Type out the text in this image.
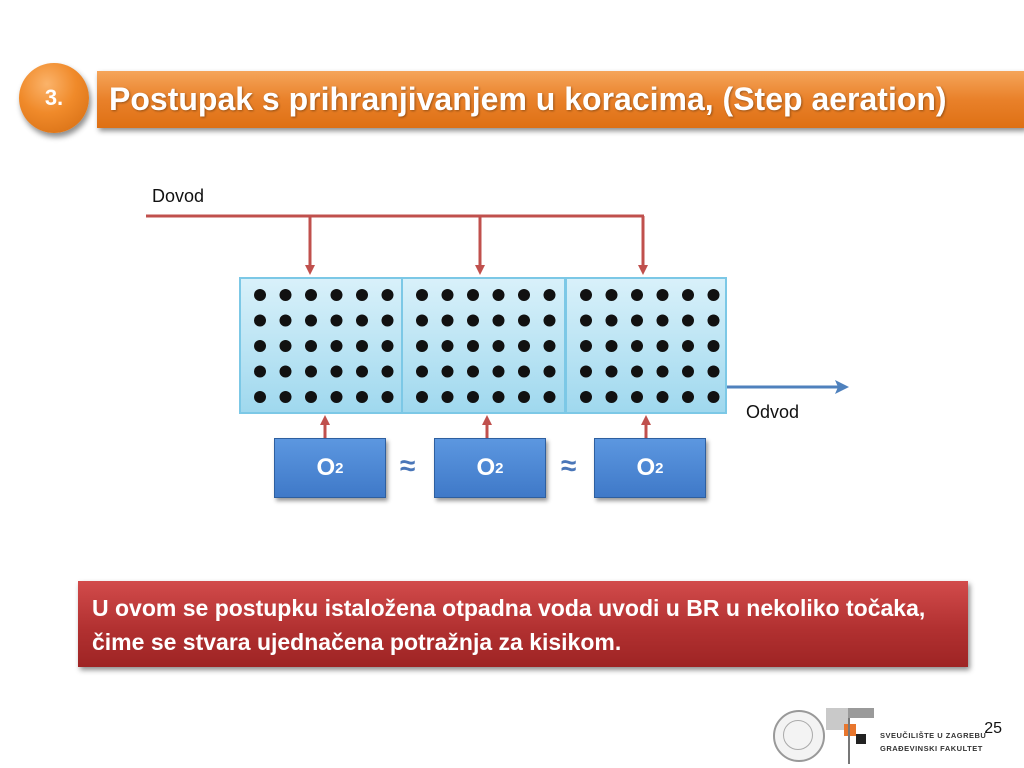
3.	Postupak s prihranjivanjem u koracima, (Step aeration)
Dovod
Odvod
O 2 ≈	O 2 ≈	O 2
U ovom se postupku istaložena otpadna voda uvodi u BR u nekoliko točaka, čime se stvara ujednačena potražnja za kisikom.
SVEUČILIŠTE U ZAGREBU
GRAĐEVINSKI FAKULTET
25
